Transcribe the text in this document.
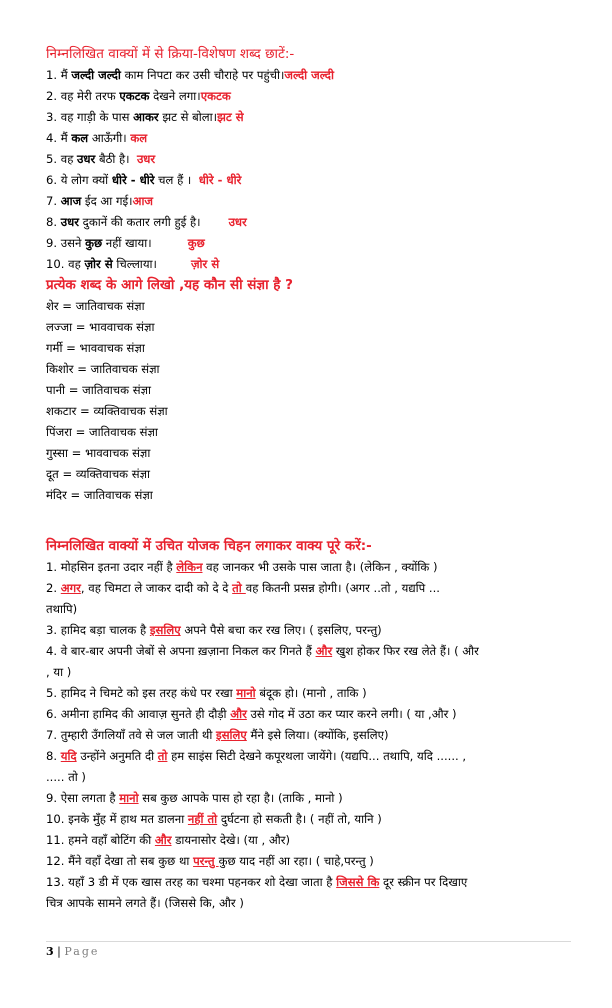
निम्नलिखित वाक्यों में से क्रिया-विशेषण शब्द छाटें:-
1. मैं जल्दी जल्दी काम निपटा कर उसी चौराहे पर पहुंची।जल्दी जल्दी
2. वह मेरी तरफ एकटक देखने लगा।एकटक
3. वह गाड़ी के पास आकर झट से बोला।झट से
4. मैं कल आऊँगी। कल
5. वह उधर बैठी है। उधर
6. ये लोग क्यों धीरे - धीरे चल हैं । धीरे - धीरे
7. आज ईद आ गई।आज
8. उधर दुकानें की कतार लगी हुई है। उधर
9. उसने कुछ नहीं खाया।	कुछ
10. वह ज़ोर से चिल्लाया।	ज़ोर से
प्रत्येक शब्द के आगे लिखो ,यह कौन सी संज्ञा है ?
शेर = जातिवाचक संज्ञा
लज्जा = भाववाचक संज्ञा
गर्मी = भाववाचक संज्ञा
किशोर = जातिवाचक संज्ञा
पानी = जातिवाचक संज्ञा
शकटार = व्यक्तिवाचक संज्ञा
पिंजरा = जातिवाचक संज्ञा
गुस्सा = भाववाचक संज्ञा
दूत = व्यक्तिवाचक संज्ञा
मंदिर = जातिवाचक संज्ञा
निम्नलिखित वाक्यों में उचित योजक चिहन लगाकर वाक्य पूरे करें:-
1. मोहसिन इतना उदार नहीं है लेकिन वह जानकर भी उसके पास जाता है। (लेकिन , क्योंकि )
2. अगर, वह चिमटा ले जाकर दादी को दे दे तो वह कितनी प्रसन्न होगी। (अगर ..तो , यद्यपि ...
तथापि)
3. हामिद बड़ा चालक है इसलिए अपने पैसे बचा कर रख लिए। ( इसलिए, परन्तु)
4. वे बार-बार अपनी जेबों से अपना ख़ज़ाना निकल कर गिनते हैं और खुश होकर फिर रख लेते हैं। ( और
, या )
5. हामिद ने चिमटे को इस तरह कंधे पर रखा मानो बंदूक हो। (मानो , ताकि )
6. अमीना हामिद की आवाज़ सुनते ही दौड़ी और उसे गोद में उठा कर प्यार करने लगी। ( या ,और )
7. तुम्हारी उँगलियाँ तवे से जल जाती थी इसलिए मैंने इसे लिया। (क्योंकि, इसलिए)
8. यदि उन्होंने अनुमति दी तो हम साइंस सिटी देखने कपूरथला जायेंगे। (यद्यपि... तथापि, यदि ...... ,
..... तो )
9. ऐसा लगता है मानो सब कुछ आपके पास हो रहा है। (ताकि , मानो )
10. इनके मुँह में हाथ मत डालना नहीं तो दुर्घटना हो सकती है। ( नहीं तो, यानि )
11. हमने वहाँ बोटिंग की और डायनासोर देखे। (या , और)
12. मैंने वहाँ देखा तो सब कुछ था परन्तु कुछ याद नहीं आ रहा। ( चाहे,परन्तु )
13. यहाँ 3 डी में एक खास तरह का चश्मा पहनकर शो देखा जाता है जिससे कि दूर स्क्रीन पर दिखाए
चित्र आपके सामने लगते हैं। (जिससे कि, और )
3 | Page
